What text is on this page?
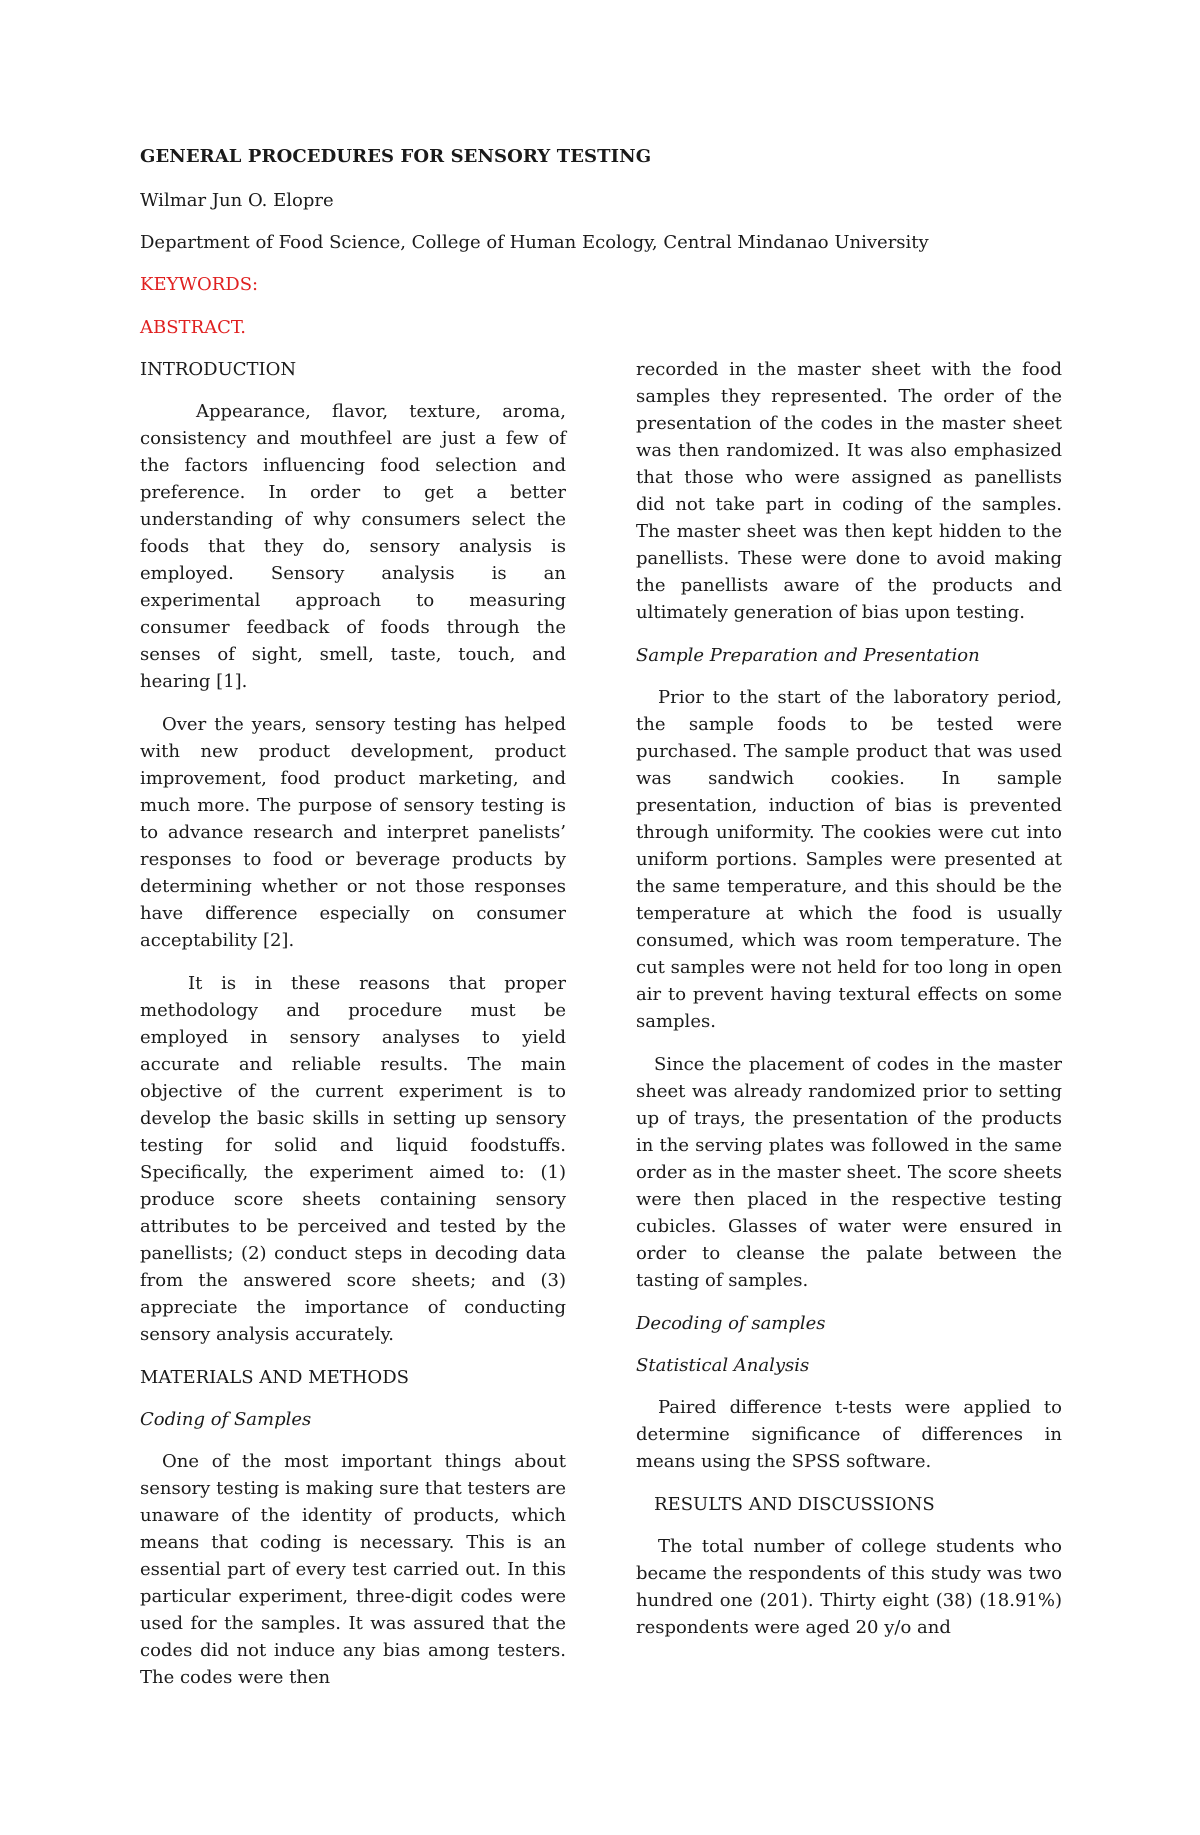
GENERAL PROCEDURES FOR SENSORY TESTING
Wilmar Jun O. Elopre
Department of Food Science, College of Human Ecology, Central Mindanao University
KEYWORDS:
ABSTRACT.
INTRODUCTION

Appearance, flavor, texture, aroma, consistency and mouthfeel are just a few of the factors influencing food selection and preference. In order to get a better understanding of why consumers select the foods that they do, sensory analysis is employed. Sensory analysis is an experimental approach to measuring consumer feedback of foods through the senses of sight, smell, taste, touch, and hearing [1].

Over the years, sensory testing has helped with new product development, product improvement, food product marketing, and much more. The purpose of sensory testing is to advance research and interpret panelists’ responses to food or beverage products by determining whether or not those responses have difference especially on consumer acceptability [2].

It is in these reasons that proper methodology and procedure must be employed in sensory analyses to yield accurate and reliable results. The main objective of the current experiment is to develop the basic skills in setting up sensory testing for solid and liquid foodstuffs. Specifically, the experiment aimed to: (1) produce score sheets containing sensory attributes to be perceived and tested by the panellists; (2) conduct steps in decoding data from the answered score sheets; and (3) appreciate the importance of conducting sensory analysis accurately.

MATERIALS AND METHODS
Coding of Samples

One of the most important things about sensory testing is making sure that testers are unaware of the identity of products, which means that coding is necessary. This is an essential part of every test carried out. In this particular experiment, three-digit codes were used for the samples. It was assured that the codes did not induce any bias among testers. The codes were then

recorded in the master sheet with the food samples they represented. The order of the presentation of the codes in the master sheet was then randomized. It was also emphasized that those who were assigned as panellists did not take part in coding of the samples. The master sheet was then kept hidden to the panellists. These were done to avoid making the panellists aware of the products and ultimately generation of bias upon testing.

Sample Preparation and Presentation

Prior to the start of the laboratory period, the sample foods to be tested were purchased. The sample product that was used was sandwich cookies. In sample presentation, induction of bias is prevented through uniformity. The cookies were cut into uniform portions. Samples were presented at the same temperature, and this should be the temperature at which the food is usually consumed, which was room temperature. The cut samples were not held for too long in open air to prevent having textural effects on some samples.

Since the placement of codes in the master sheet was already randomized prior to setting up of trays, the presentation of the products in the serving plates was followed in the same order as in the master sheet. The score sheets were then placed in the respective testing cubicles. Glasses of water were ensured in order to cleanse the palate between the tasting of samples.

Decoding of samples
Statistical Analysis

Paired difference t-tests were applied to determine significance of differences in means using the SPSS software.

RESULTS AND DISCUSSIONS

The total number of college students who became the respondents of this study was two hundred one (201). Thirty eight (38) (18.91%) respondents were aged 20 y/o and
